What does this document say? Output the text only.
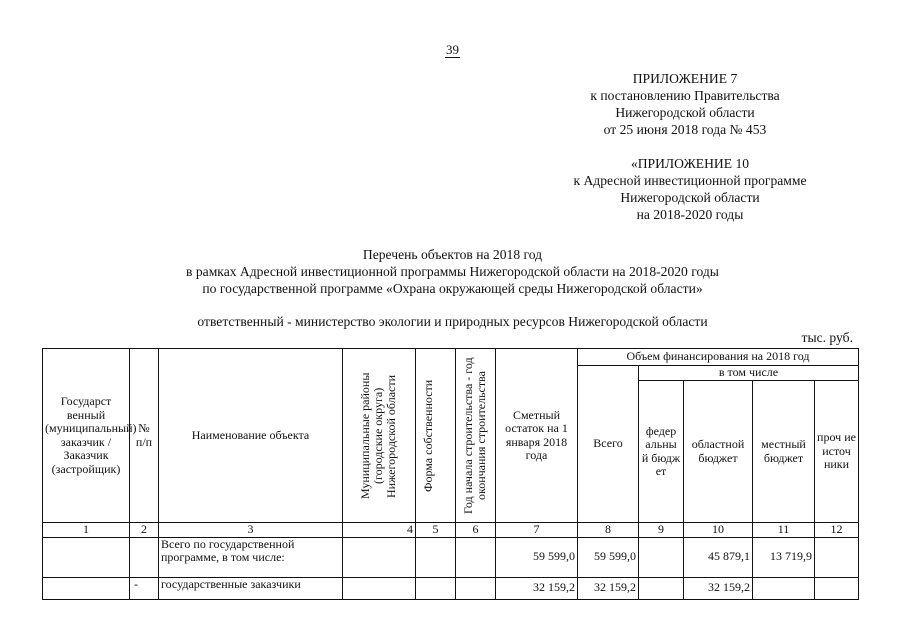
39
ПРИЛОЖЕНИЕ 7
к постановлению Правительства
Нижегородской области
от 25 июня 2018 года № 453
«ПРИЛОЖЕНИЕ 10
к Адресной инвестиционной программе
Нижегородской области
на 2018-2020 годы
Перечень объектов на 2018 год
в рамках Адресной инвестиционной программы Нижегородской области на 2018-2020 годы
по государственной программе «Охрана окружающей среды Нижегородской области»
ответственный - министерство экологии и природных ресурсов Нижегородской области
тыс. руб.
Государст венный (муниципальный) заказчик / Заказчик (застройщик)	№ п/п	Наименование объекта	Муниципальные районы (городские округа) Нижегородской области	Форма собственности	Год начала строительства - год окончания строительства	Сметный остаток на 1 января 2018 года	Объем финансирования на 2018 год				
							Всего	в том числе			
								федер альны й бюдж ет	областной бюджет	местный бюджет	проч ие источ ники
1	2	3	4	5	6	7	8	9	10	11	12
		Всего по государственной программе, в том числе:				59 599,0	59 599,0		45 879,1	13 719,9	
	-	государственные заказчики				32 159,2	32 159,2		32 159,2		
